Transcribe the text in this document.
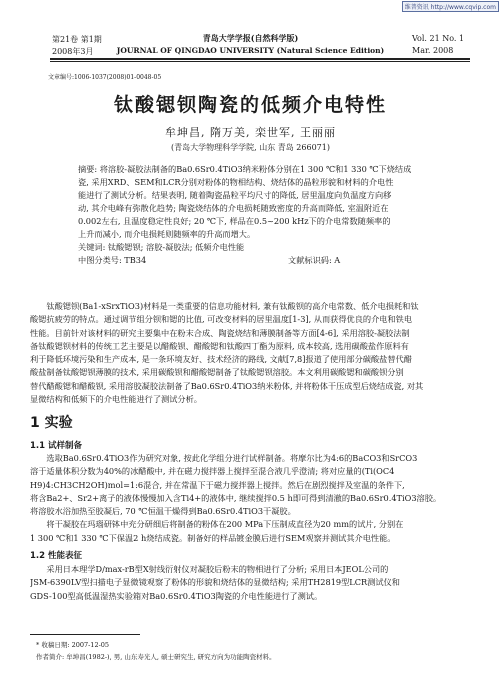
维普资讯 http://www.cqvip.com
第21卷 第1期
2008年3月
青岛大学学报(自然科学版)
JOURNAL OF QINGDAO UNIVERSITY (Natural Science Edition)
Vol. 21 No. 1
Mar. 2008
文章编号:1006-1037(2008)01-0048-05
钛酸锶钡陶瓷的低频介电特性
牟坤昌, 隋万美, 栾世军, 王丽丽
(青岛大学物理科学学院, 山东 青岛 266071)
摘要: 将溶胶-凝胶法制备的Ba0.6Sr0.4TiO3纳米粉体分别在1 300 ℃和1 330 ℃下烧结成
瓷, 采用XRD、SEM和LCR分别对粉体的物相结构、烧结体的晶粒形貌和材料的介电性
能进行了测试分析。结果表明, 随着陶瓷晶粒平均尺寸的降低, 居里温度向负温度方向移
动, 其介电峰有弥散化趋势; 陶瓷烧结体的介电损耗随致密度的升高而降低, 室温附近在
0.002左右, 且温度稳定性良好; 20 ℃下, 样品在0.5~200 kHz下的介电常数随频率的
上升而减小, 而介电损耗则随频率的升高而增大。
关键词: 钛酸锶钡; 溶胶-凝胶法; 低频介电性能
中图分类号: TB34	文献标识码: A
钛酸锶钡(Ba1-xSrxTiO3)材料是一类重要的信息功能材料, 兼有钛酸钡的高介电常数、低介电损耗和钛
酸锶抗疲劳的特点。通过调节组分钡和锶的比值, 可改变材料的居里温度[1-3], 从而获得优良的介电和铁电
性能。目前针对该材料的研究主要集中在粉末合成、陶瓷烧结和薄膜制备等方面[4-6], 采用溶胶-凝胶法制
备钛酸锶钡材料的传统工艺主要是以醋酸钡、醋酸锶和钛酸四丁酯为原料, 成本较高, 选用碳酸盐作原料有
利于降低环境污染和生产成本, 是一条环境友好、技术经济的路线, 文献[7,8]报道了使用部分碳酸盐替代醋
酸盐制备钛酸锶钡薄膜的技术, 采用碳酸钡和醋酸锶制备了钛酸锶钡溶胶。本文利用碳酸锶和碳酸钡分别
替代醋酸锶和醋酸钡, 采用溶胶凝胶法制备了Ba0.6Sr0.4TiO3纳米粉体, 并将粉体干压成型后烧结成瓷, 对其
显微结构和低频下的介电性能进行了测试分析。
1 实验
1.1 试样制备
选取Ba0.6Sr0.4TiO3作为研究对象, 按此化学组分进行试样制备。将摩尔比为4:6的BaCO3和SrCO3
溶于适量体积分数为40%的冰醋酸中, 并在磁力搅拌器上搅拌至混合液几乎澄清; 将对应量的(Ti(OC4
H9)4:CH3CH2OH)mol=1:6混合, 并在常温下于磁力搅拌器上搅拌。然后在剧烈搅拌及室温的条件下,
将含Ba2+、Sr2+离子的液体慢慢加入含Ti4+的液体中, 继续搅拌0.5 h即可得到清澈的Ba0.6Sr0.4TiO3溶胶。
将溶胶水浴加热至胶凝后, 70 ℃恒温干燥得到Ba0.6Sr0.4TiO3干凝胶。
将干凝胶在玛瑙研钵中充分研细后将制备的粉体在200 MPa下压制成直径为20 mm的试片, 分别在
1 300 ℃和1 330 ℃下保温2 h烧结成瓷。制备好的样品镀金膜后进行SEM观察并测试其介电性能。
1.2 性能表征
采用日本理学D/max-rB型X射线衍射仪对凝胶后粉末的物相进行了分析; 采用日本JEOL公司的
JSM-6390LV型扫描电子显微镜观察了粉体的形貌和烧结体的显微结构; 采用TH2819型LCR测试仪和
GDS-100型高低温湿热实验箱对Ba0.6Sr0.4TiO3陶瓷的介电性能进行了测试。
* 收稿日期: 2007-12-05
作者简介: 牟坤昌(1982-), 男, 山东寿光人, 硕士研究生, 研究方向为功能陶瓷材料。
